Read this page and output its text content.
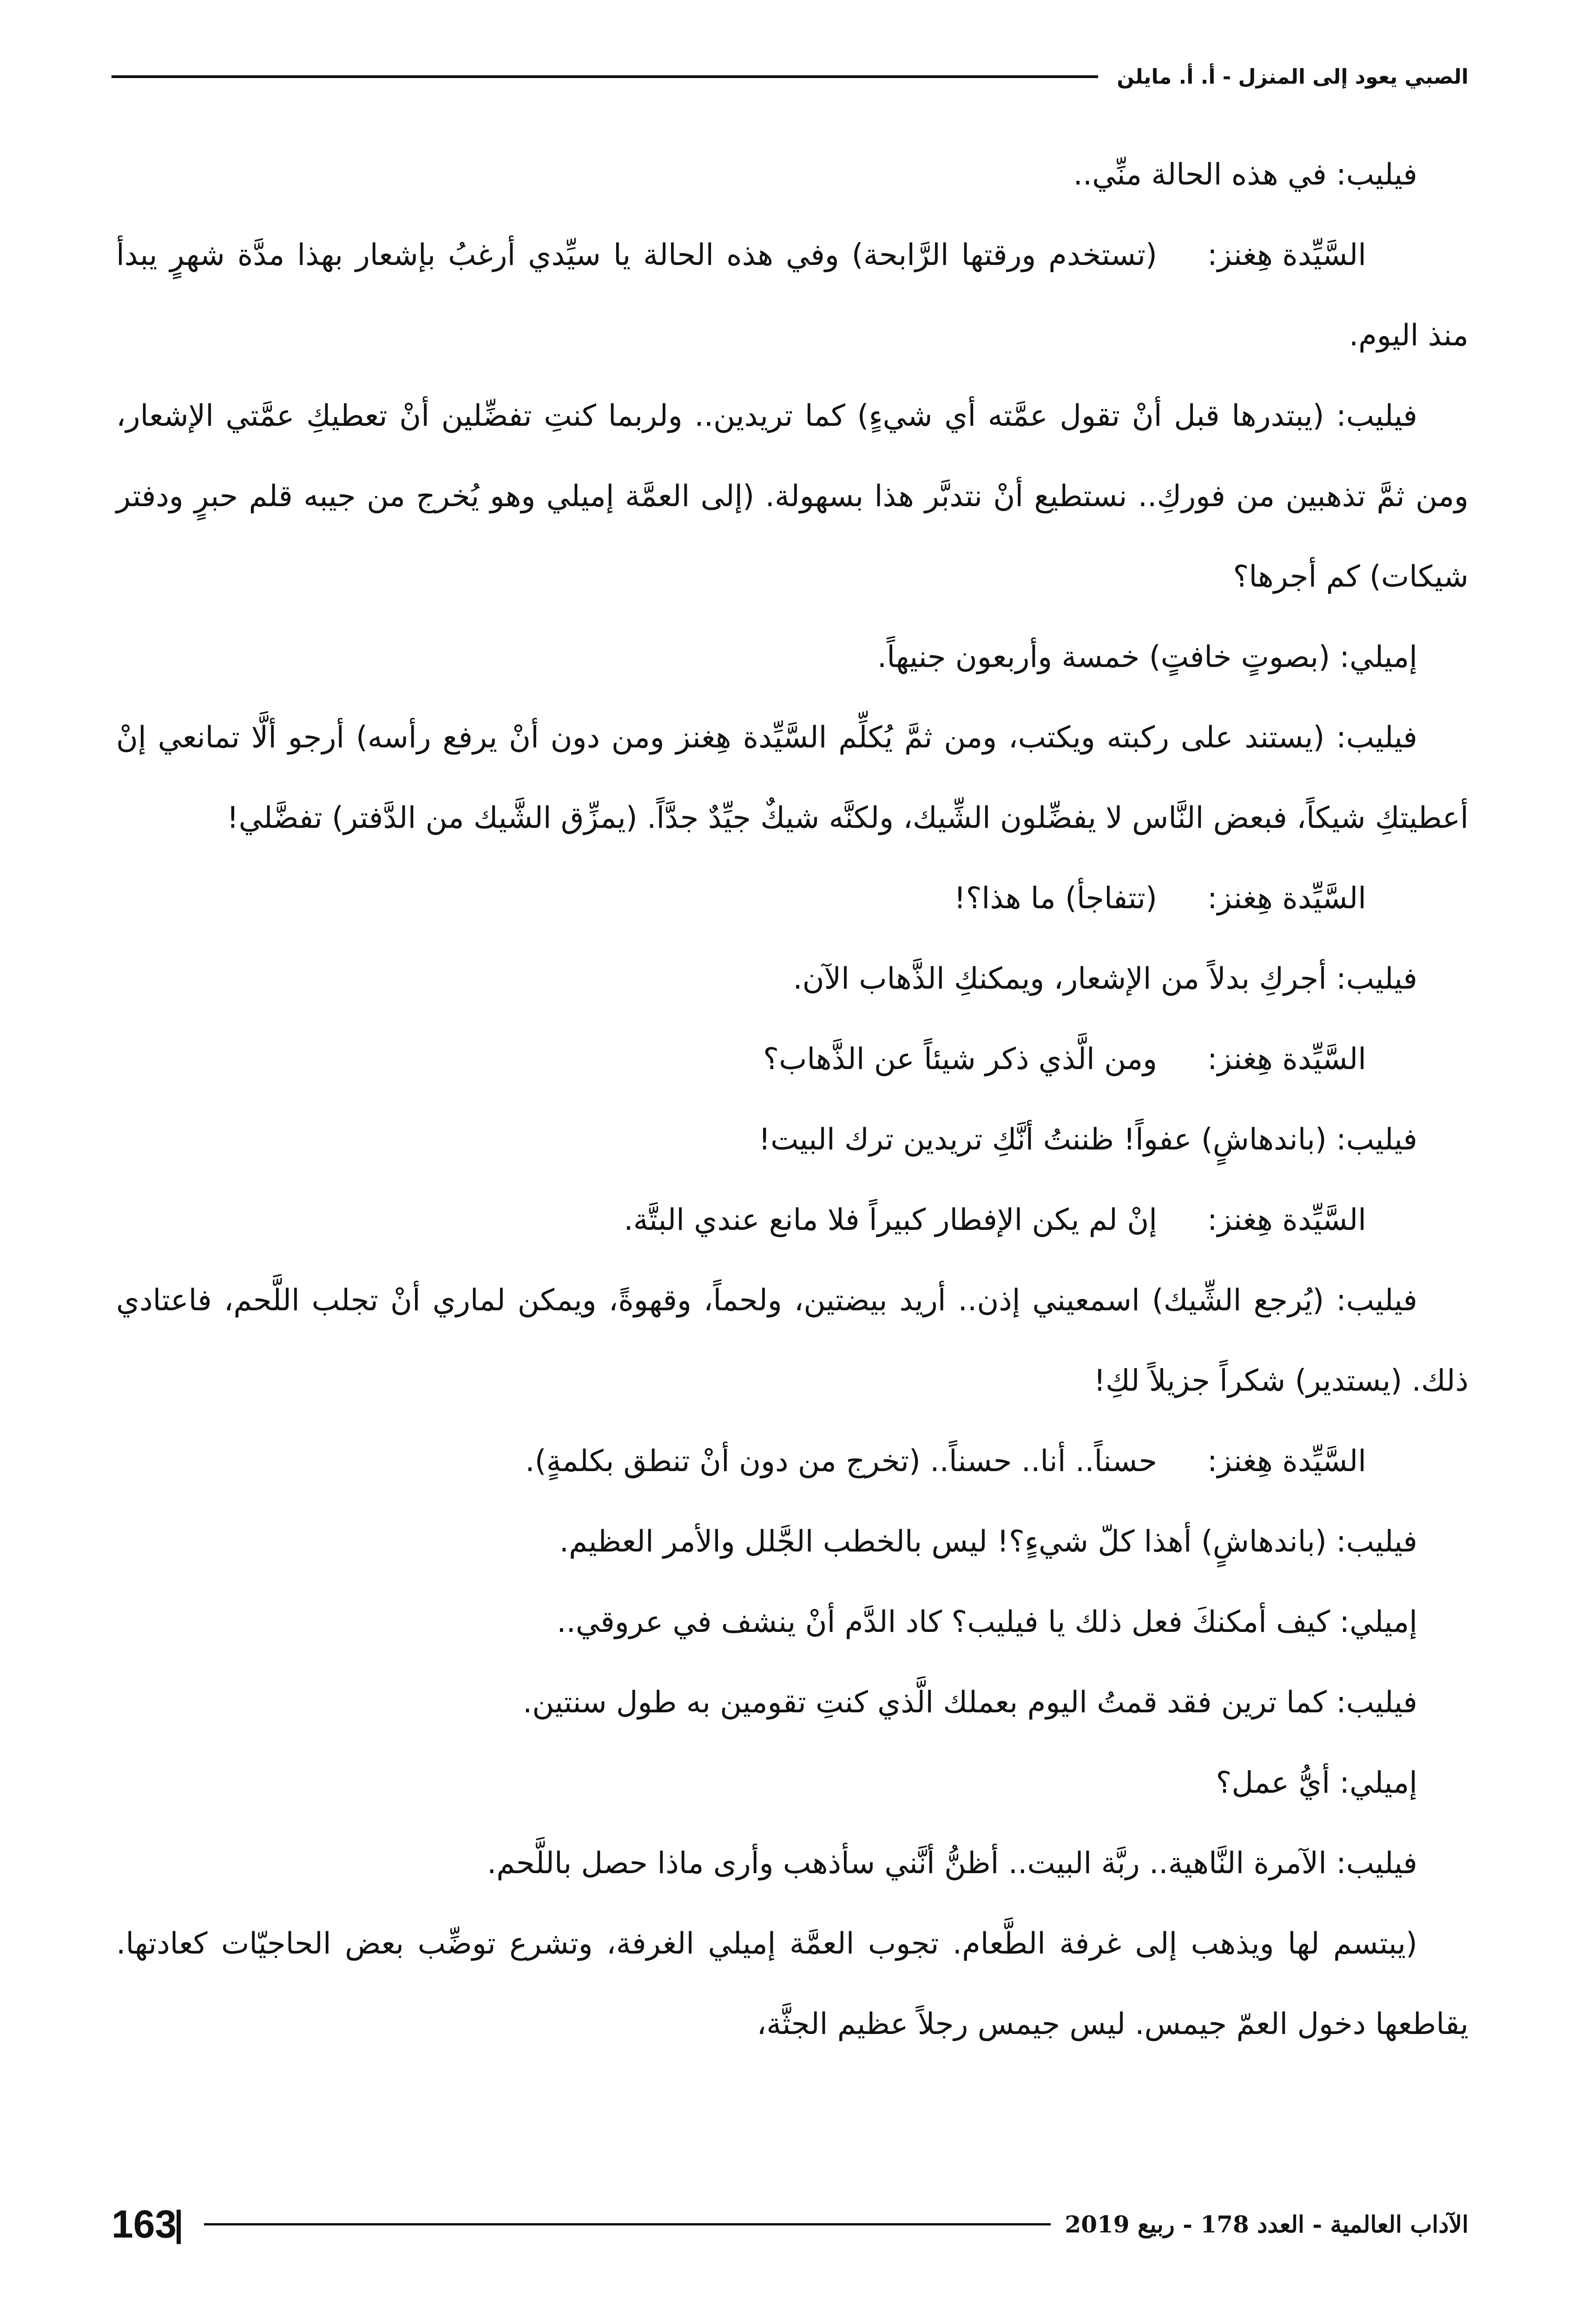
الصبي يعود إلى المنزل - أ. أ. مايلن

فيليب: في هذه الحالة منِّي..

السَّيِّدة هِغنز:(تستخدم ورقتها الرَّابحة) وفي هذه الحالة يا سيِّدي أرغبُ بإشعار بهذا مدَّة شهرٍ يبدأ منذ اليوم.

فيليب: (يبتدرها قبل أنْ تقول عمَّته أي شيءٍ) كما تريدين.. ولربما كنتِ تفضِّلين أنْ تعطيكِ عمَّتي الإشعار، ومن ثمَّ تذهبين من فوركِ.. نستطيع أنْ نتدبَّر هذا بسهولة. (إلى العمَّة إميلي وهو يُخرج من جيبه قلم حبرٍ ودفتر شيكات) كم أجرها؟

إميلي: (بصوتٍ خافتٍ) خمسة وأربعون جنيهاً.

فيليب: (يستند على ركبته ويكتب، ومن ثمَّ يُكلِّم السَّيِّدة هِغنز ومن دون أنْ يرفع رأسه) أرجو ألَّا تمانعي إنْ أعطيتكِ شيكاً، فبعض النَّاس لا يفضِّلون الشِّيك، ولكنَّه شيكٌ جيِّدٌ جدَّاً. (يمزِّق الشَّيك من الدَّفتر) تفضَّلي!

السَّيِّدة هِغنز:(تتفاجأ) ما هذا؟!

فيليب: أجركِ بدلاً من الإشعار، ويمكنكِ الذَّهاب الآن.

السَّيِّدة هِغنز:ومن الَّذي ذكر شيئاً عن الذَّهاب؟

فيليب: (باندهاشٍ) عفواً! ظننتُ أنَّكِ تريدين ترك البيت!

السَّيِّدة هِغنز:إنْ لم يكن الإفطار كبيراً فلا مانع عندي البتَّة.

فيليب: (يُرجع الشِّيك) اسمعيني إذن.. أريد بيضتين، ولحماً، وقهوةً، ويمكن لماري أنْ تجلب اللَّحم، فاعتادي ذلك. (يستدير) شكراً جزيلاً لكِ!

السَّيِّدة هِغنز:حسناً.. أنا.. حسناً.. (تخرج من دون أنْ تنطق بكلمةٍ).

فيليب: (باندهاشٍ) أهذا كلّ شيءٍ؟! ليس بالخطب الجَّلل والأمر العظيم.

إميلي: كيف أمكنكَ فعل ذلك يا فيليب؟ كاد الدَّم أنْ ينشف في عروقي..

فيليب: كما ترين فقد قمتُ اليوم بعملك الَّذي كنتِ تقومين به طول سنتين.

إميلي: أيُّ عمل؟

فيليب: الآمرة النَّاهية.. ربَّة البيت.. أظنُّ أنَّني سأذهب وأرى ماذا حصل باللَّحم.

(يبتسم لها ويذهب إلى غرفة الطَّعام. تجوب العمَّة إميلي الغرفة، وتشرع توضِّب بعض الحاجيّات كعادتها. يقاطعها دخول العمّ جيمس. ليس جيمس رجلاً عظيم الجثَّة،

الآداب العالمية - العدد 178 - ربيع 2019
163
